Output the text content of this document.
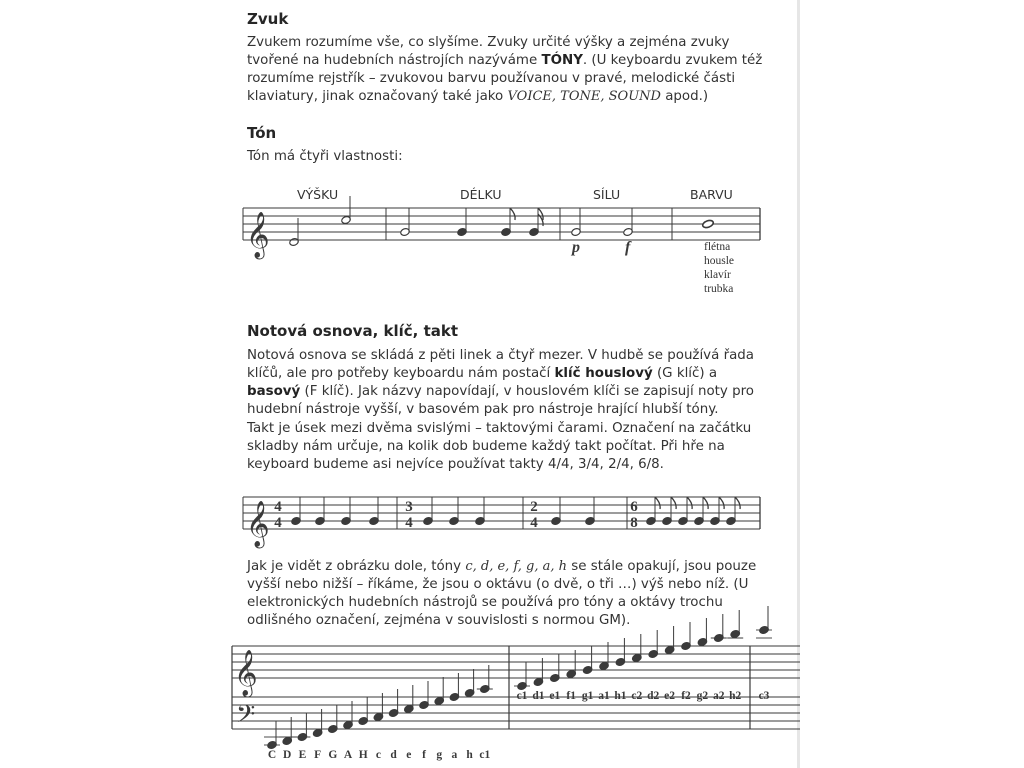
Zvuk

Zvukem rozumíme vše, co slyšíme. Zvuky určité výšky a zejména zvuky tvořené na hudebních nástrojích nazýváme TÓNY. (U keyboardu zvukem též rozumíme rejstřík – zvukovou barvu používanou v pravé, melodické části klaviatury, jinak označovaný také jako VOICE, TONE, SOUND apod.)

Tón

Tón má čtyři vlastnosti:

VÝŠKU	DÉLKU	SÍLU	BARVU
flétna
housle
klavír
trubka
Notová osnova, klíč, takt

Notová osnova se skládá z pěti linek a čtyř mezer. V hudbě se používá řada klíčů, ale pro potřeby keyboardu nám postačí klíč houslový (G klíč) a basový (F klíč). Jak názvy napovídají, v houslovém klíči se zapisují noty pro hudební nástroje vyšší, v basovém pak pro nástroje hrající hlubší tóny.

Takt je úsek mezi dvěma svislými – taktovými čarami. Označení na začátku skladby nám určuje, na kolik dob budeme každý takt počítat. Při hře na keyboard budeme asi nejvíce používat takty 4/4, 3/4, 2/4, 6/8.

Jak je vidět z obrázku dole, tóny c, d, e, f, g, a, h se stále opakují, jsou pouze vyšší nebo nižší – říkáme, že jsou o oktávu (o dvě, o tři …) výš nebo níž. (U elektronických hudebních nástrojů se používá pro tóny a oktávy trochu odlišného označení, zejména v souvislosti s normou GM).

𝄞	p	f
𝄞 4
4
3
4
2
4
6
8
𝄞
𝄢
c1 d1 e1 f1 g1 a1 h1 c2 d2 e2 f2 g2 a2 h2 c3
C D E F G A H c d e f g a h c1
